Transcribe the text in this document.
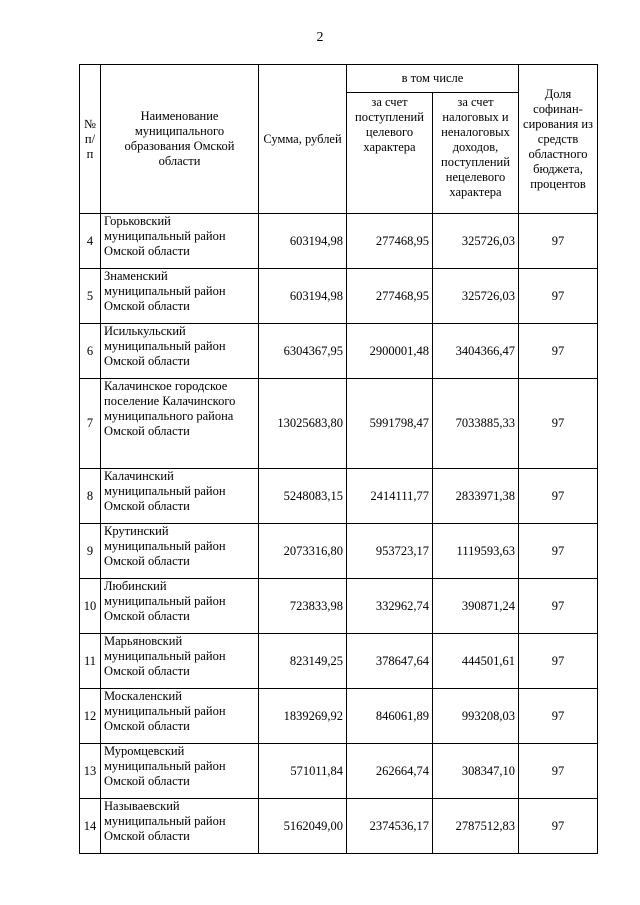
2
№ п/п	Наименование муниципального образования Омской области	Сумма, рублей	в том числе		Доля софинан-сирования из средств областного бюджета, процентов
			за счет поступлений целевого характера	за счет налоговых и неналоговых доходов, поступлений нецелевого характера	
4	Горьковский муниципальный район Омской области	603194,98	277468,95	325726,03	97
5	Знаменский муниципальный район Омской области	603194,98	277468,95	325726,03	97
6	Исилькульский муниципальный район Омской области	6304367,95	2900001,48	3404366,47	97
7	Калачинское городское поселение Калачинского муниципального района Омской области	13025683,80	5991798,47	7033885,33	97
8	Калачинский муниципальный район Омской области	5248083,15	2414111,77	2833971,38	97
9	Крутинский муниципальный район Омской области	2073316,80	953723,17	1119593,63	97
10	Любинский муниципальный район Омской области	723833,98	332962,74	390871,24	97
11	Марьяновский муниципальный район Омской области	823149,25	378647,64	444501,61	97
12	Москаленский муниципальный район Омской области	1839269,92	846061,89	993208,03	97
13	Муромцевский муниципальный район Омской области	571011,84	262664,74	308347,10	97
14	Называевский муниципальный район Омской области	5162049,00	2374536,17	2787512,83	97
